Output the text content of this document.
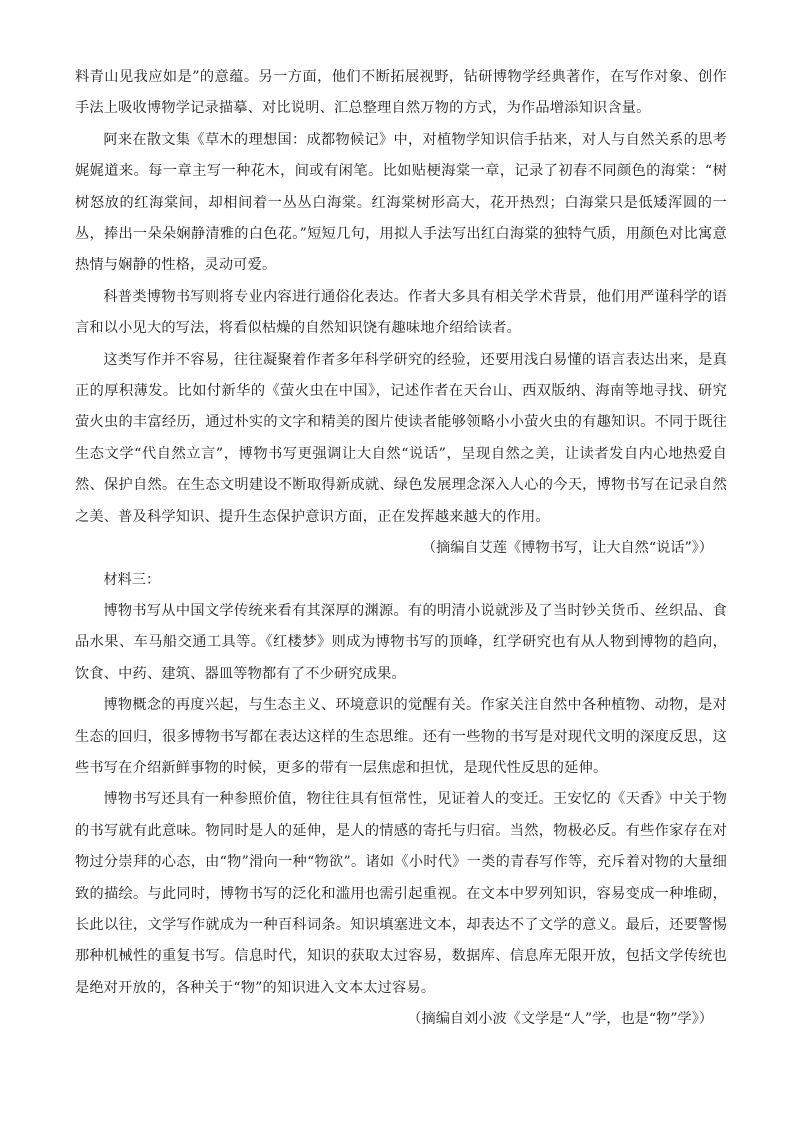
料青山见我应如是”的意蕴。另一方面，他们不断拓展视野，钻研博物学经典著作，在写作对象、创作手法上吸收博物学记录描摹、对比说明、汇总整理自然万物的方式，为作品增添知识含量。

阿来在散文集《草木的理想国：成都物候记》中，对植物学知识信手拈来，对人与自然关系的思考娓娓道来。每一章主写一种花木，间或有闲笔。比如贴梗海棠一章，记录了初春不同颜色的海棠：“树树怒放的红海棠间，却相间着一丛丛白海棠。红海棠树形高大，花开热烈；白海棠只是低矮浑圆的一丛，捧出一朵朵娴静清雅的白色花。”短短几句，用拟人手法写出红白海棠的独特气质，用颜色对比寓意热情与娴静的性格，灵动可爱。

科普类博物书写则将专业内容进行通俗化表达。作者大多具有相关学术背景，他们用严谨科学的语言和以小见大的写法，将看似枯燥的自然知识饶有趣味地介绍给读者。

这类写作并不容易，往往凝聚着作者多年科学研究的经验，还要用浅白易懂的语言表达出来，是真正的厚积薄发。比如付新华的《萤火虫在中国》，记述作者在天台山、西双版纳、海南等地寻找、研究萤火虫的丰富经历，通过朴实的文字和精美的图片使读者能够领略小小萤火虫的有趣知识。不同于既往生态文学“代自然立言”，博物书写更强调让大自然“说话”，呈现自然之美，让读者发自内心地热爱自然、保护自然。在生态文明建设不断取得新成就、绿色发展理念深入人心的今天，博物书写在记录自然之美、普及科学知识、提升生态保护意识方面，正在发挥越来越大的作用。

（摘编自艾莲《博物书写，让大自然“说话”》）

材料三：

博物书写从中国文学传统来看有其深厚的渊源。有的明清小说就涉及了当时钞关货币、丝织品、食品水果、车马船交通工具等。《红楼梦》则成为博物书写的顶峰，红学研究也有从人物到博物的趋向，饮食、中药、建筑、器皿等物都有了不少研究成果。

博物概念的再度兴起，与生态主义、环境意识的觉醒有关。作家关注自然中各种植物、动物，是对生态的回归，很多博物书写都在表达这样的生态思维。还有一些物的书写是对现代文明的深度反思，这些书写在介绍新鲜事物的时候，更多的带有一层焦虑和担忧，是现代性反思的延伸。

博物书写还具有一种参照价值，物往往具有恒常性，见证着人的变迁。王安忆的《天香》中关于物的书写就有此意味。物同时是人的延伸，是人的情感的寄托与归宿。当然，物极必反。有些作家存在对物过分崇拜的心态，由“物”滑向一种“物欲”。诸如《小时代》一类的青春写作等，充斥着对物的大量细致的描绘。与此同时，博物书写的泛化和滥用也需引起重视。在文本中罗列知识，容易变成一种堆砌，长此以往，文学写作就成为一种百科词条。知识填塞进文本，却表达不了文学的意义。最后，还要警惕那种机械性的重复书写。信息时代，知识的获取太过容易，数据库、信息库无限开放，包括文学传统也是绝对开放的，各种关于“物”的知识进入文本太过容易。

（摘编自刘小波《文学是“人”学，也是“物”学》）
